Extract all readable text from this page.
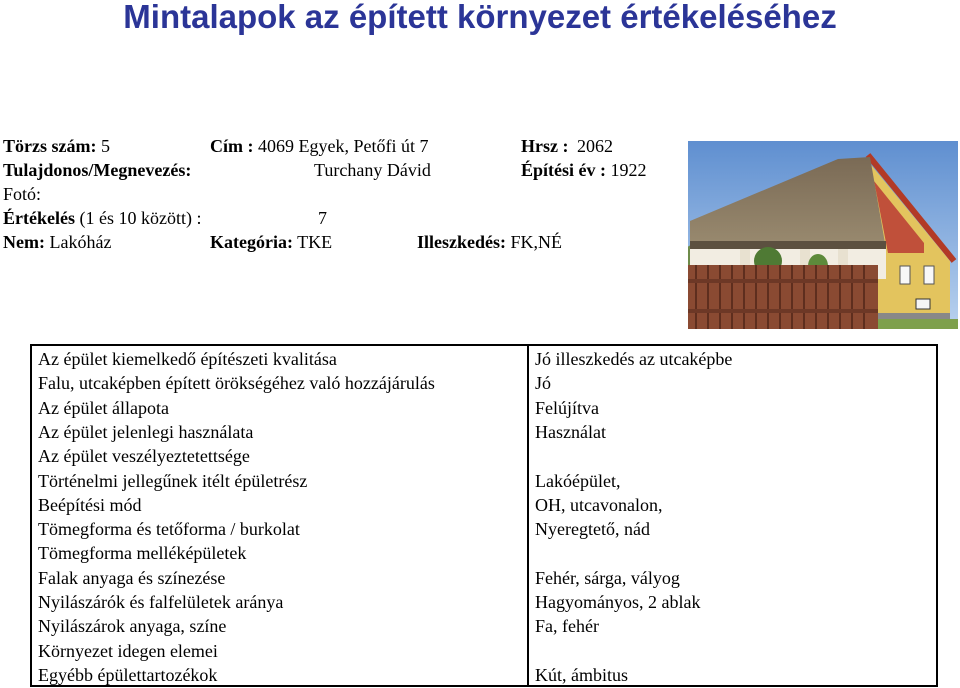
Mintalapok az épített környezet értékeléséhez
Törzs szám: 5	Cím : 4069 Egyek, Petőfi út 7	Hrsz : 2062
Tulajdonos/Megnevezés:	Turchany Dávid	Építési év : 1922
Fotó:
Értékelés (1 és 10 között) :	7
Nem: Lakóház	Kategória: TKE	Illeszkedés: FK,NÉ
Az épület kiemelkedő építészeti kvalitása	Jó illeszkedés az utcaképbe
Falu, utcaképben épített örökségéhez való hozzájárulás	Jó
Az épület állapota	Felújítva
Az épület jelenlegi használata	Használat
Az épület veszélyeztetettsége
Történelmi jellegűnek itélt épületrész	Lakóépület,
Beépítési mód	OH, utcavonalon,
Tömegforma és tetőforma / burkolat	Nyeregtető, nád
Tömegforma melléképületek
Falak anyaga és színezése	Fehér, sárga, vályog
Nyilászárók és falfelületek aránya	Hagyományos, 2 ablak
Nyilászárok anyaga, színe	Fa, fehér
Környezet idegen elemei
Egyébb épülettartozékok	Kút, ámbitus
